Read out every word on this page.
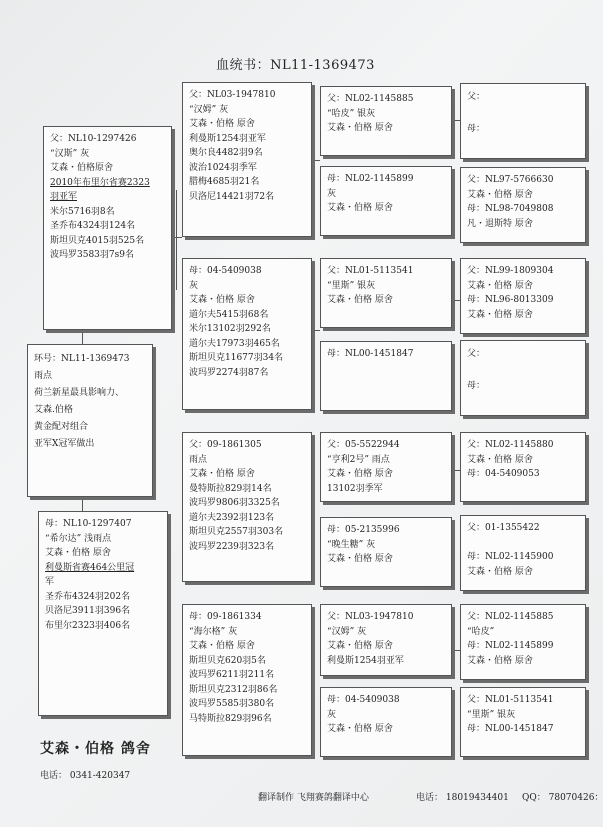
血统书：NL11-1369473
父：NL10-1297426
“汉斯” 灰
艾森・伯格原舍
2010年布里尔省赛2323
羽亚军
米尔5716羽8名
圣乔布4324羽124名
斯坦贝克4015羽525名
波玛罗3583羽7s9名
环号：NL11-1369473
雨点
荷兰新星最具影响力、
艾森.伯格
黄金配对组合
亚军X冠军做出
母：NL10-1297407
“希尔达” 浅雨点
艾森・伯格 原舍
利曼斯省赛464公里冠
军
圣乔布4324羽202名
贝洛尼3911羽396名
布里尔2323羽406名
父：NL03-1947810
“汉姆” 灰
艾森・伯格 原舍
利曼斯1254羽亚军
奥尔良4482羽9名
波治1024羽季军
腊梅4685羽21名
贝洛尼14421羽72名
母：04-5409038
灰
艾森・伯格 原舍
道尔夫5415羽68名
米尔13102羽292名
道尔夫17973羽465名
斯坦贝克11677羽34名
波玛罗2274羽87名
父：09-1861305
雨点
艾森・伯格 原舍
曼特斯拉829羽14名
波玛罗9806羽3325名
道尔夫2392羽123名
斯坦贝克2557羽303名
波玛罗2239羽323名
母：09-1861334
“海尔格” 灰
艾森・伯格 原舍
斯坦贝克620羽5名
波玛罗6211羽211名
斯坦贝克2312羽86名
波玛罗5585羽380名
马特斯拉829羽96名
父：NL02-1145885
“哈皮” 银灰
艾森・伯格 原舍
母：NL02-1145899
灰
艾森・伯格 原舍
父：NL01-5113541
“里斯” 银灰
艾森・伯格 原舍
母：NL00-1451847
父：05-5522944
“亨利2号” 雨点
艾森・伯格 原舍
13102羽季军
母：05-2135996
“晚生糖” 灰
艾森・伯格 原舍
父：NL03-1947810
“汉姆” 灰
艾森・伯格 原舍
利曼斯1254羽亚军
母：04-5409038
灰
艾森・伯格 原舍
父：

母：
父：NL97-5766630
艾森・伯格 原舍
母：NL98-7049808
凡・退斯特 原舍
父：NL99-1809304
艾森・伯格 原舍
母：NL96-8013309
艾森・伯格 原舍
父：

母：
父：NL02-1145880
艾森・伯格 原舍
母：04-5409053
父：01-1355422

母：NL02-1145900
艾森・伯格 原舍
父：NL02-1145885
“哈皮”
母：NL02-1145899
艾森・伯格 原舍
父：NL01-5113541
“里斯” 银灰
母：NL00-1451847
艾森・伯格 鸽舍
电话： 0341-420347
翻译制作 飞翔赛鸽翻译中心	电话： 18019434401 QQ： 78070426：
